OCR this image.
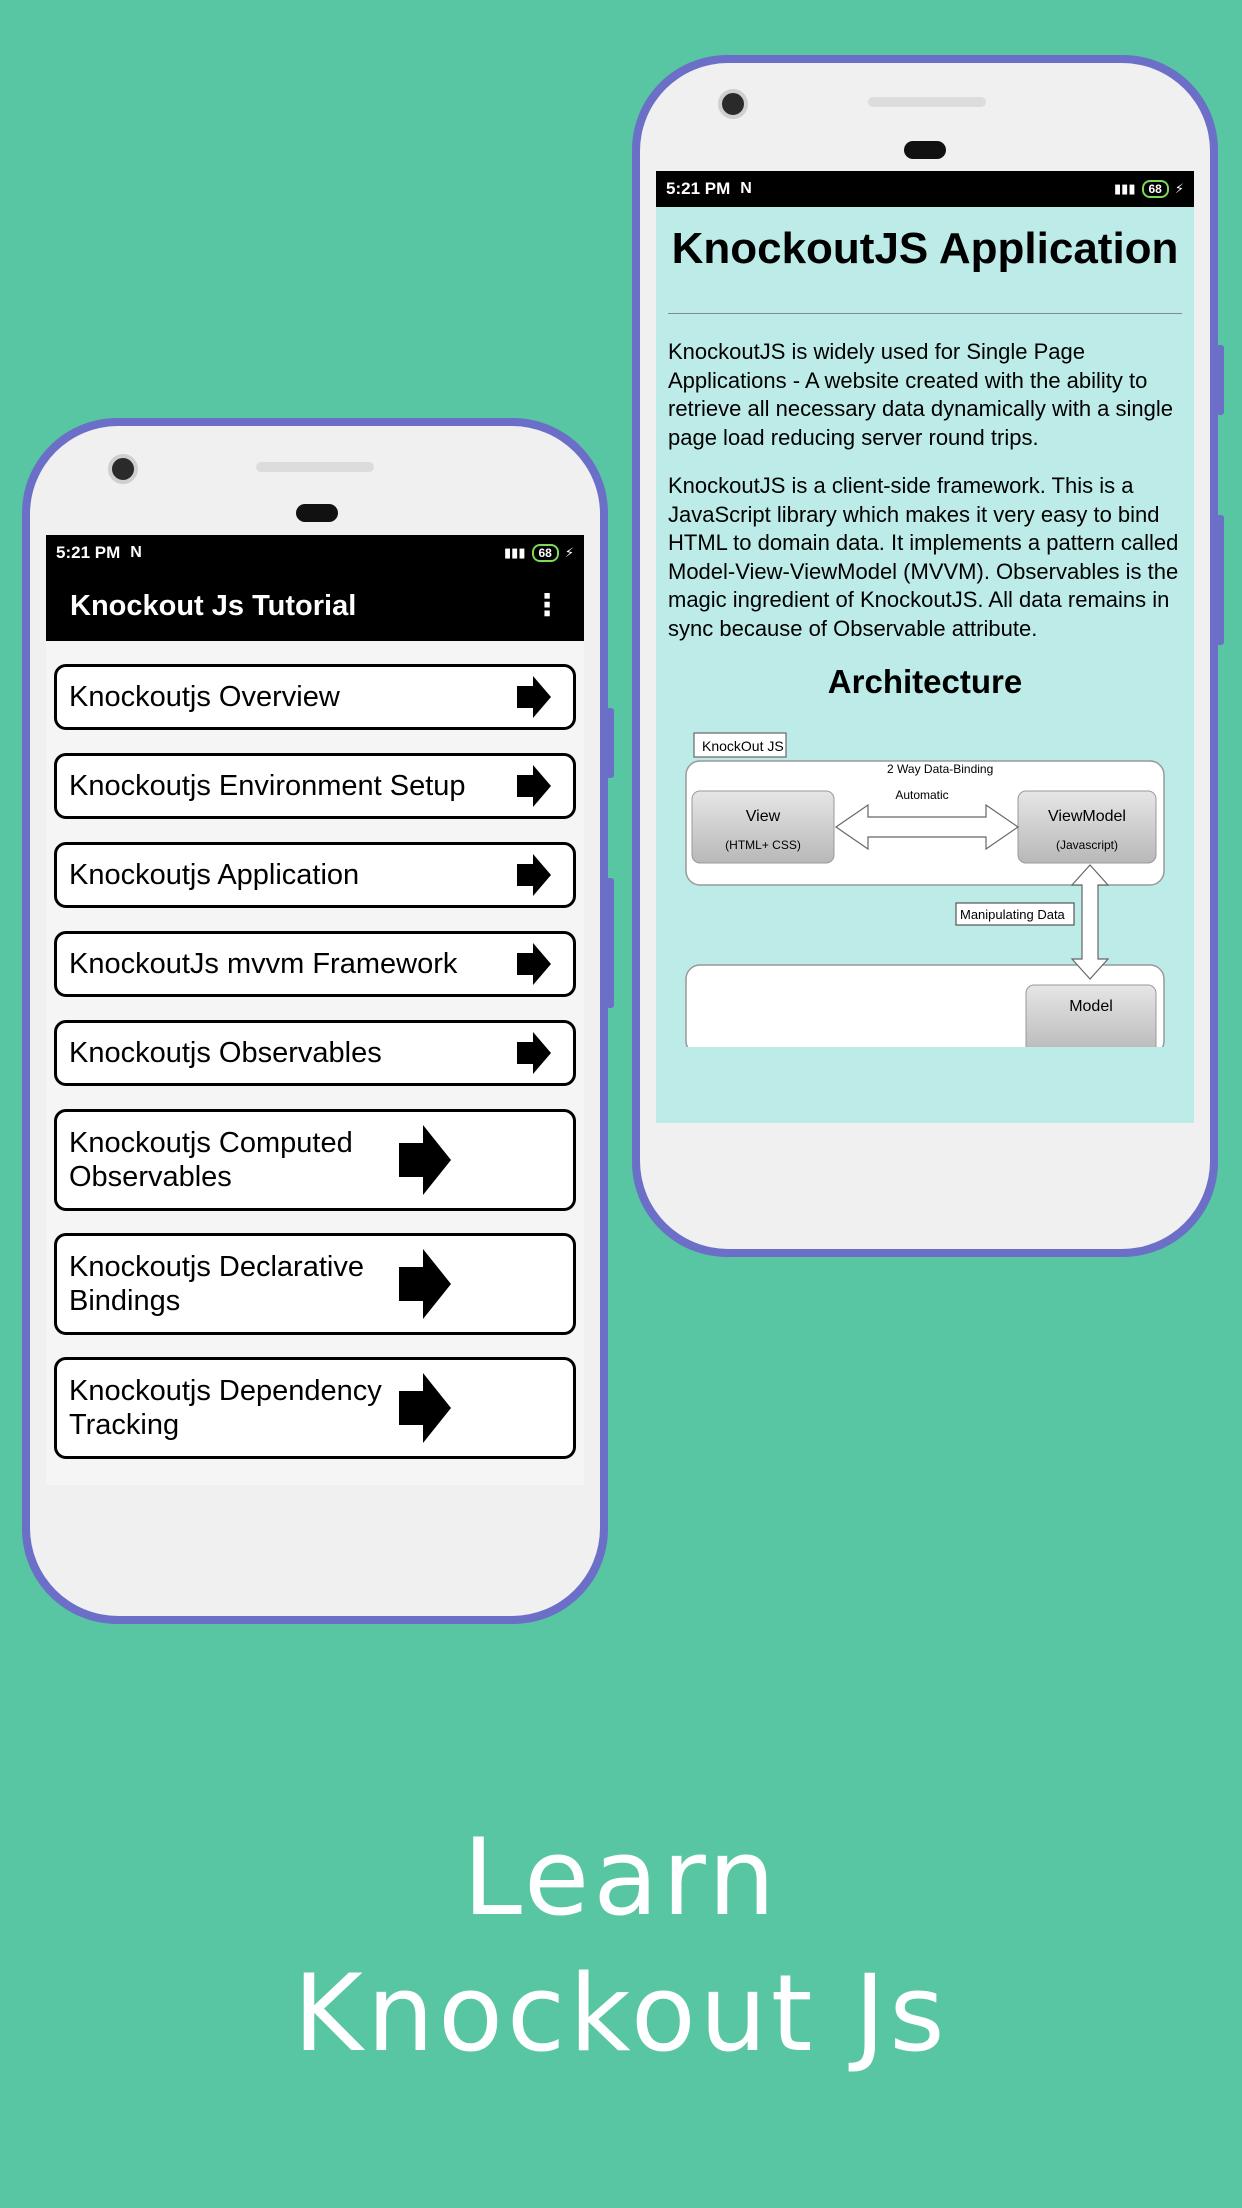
5:21 PM N	▮▮▮	68	⚡
Knockout Js Tutorial	⋮
Knockoutjs Overview
Knockoutjs Environment Setup
Knockoutjs Application
KnockoutJs mvvm Framework
Knockoutjs Observables
Knockoutjs Computed Observables
Knockoutjs Declarative Bindings
Knockoutjs Dependency Tracking
5:21 PM N	▮▮▮	68	⚡
KnockoutJS Application

KnockoutJS is widely used for Single Page Applications - A website created with the ability to retrieve all necessary data dynamically with a single page load reducing server round trips.

KnockoutJS is a client-side framework. This is a JavaScript library which makes it very easy to bind HTML to domain data. It implements a pattern called Model-View-ViewModel (MVVM). Observables is the magic ingredient of KnockoutJS. All data remains in sync because of Observable attribute.

Architecture
KnockOut JS
2 Way Data-Binding
View
(HTML+ CSS)
ViewModel
(Javascript)
Automatic
Manipulating Data
Model
Learn
Knockout Js
